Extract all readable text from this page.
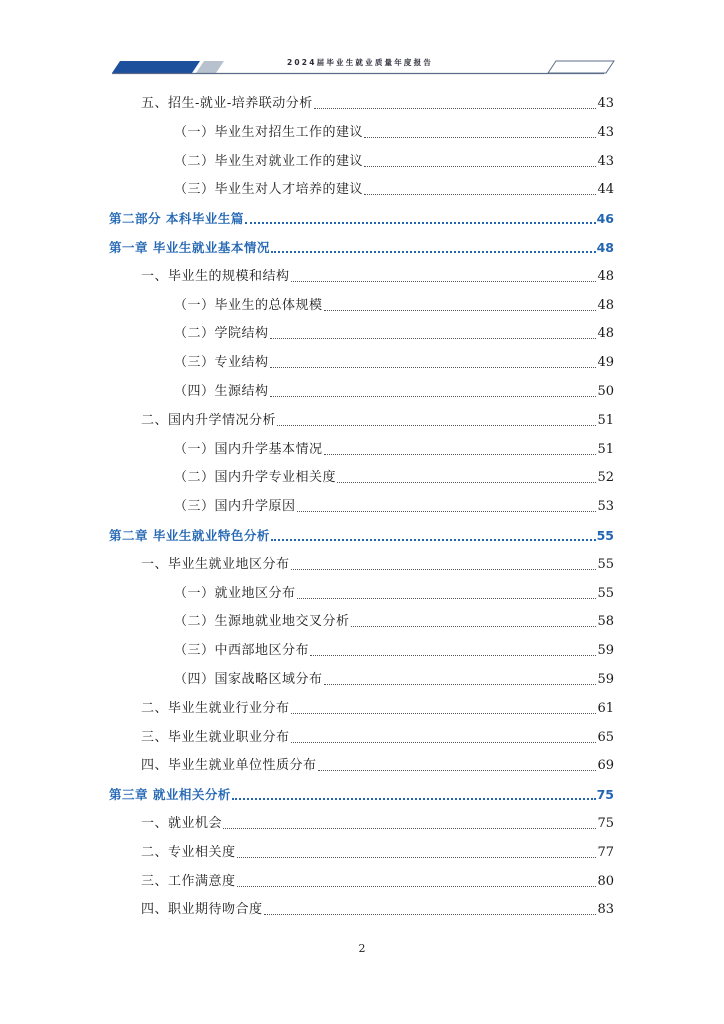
2024届毕业生就业质量年度报告
五、招生-就业-培养联动分析	43
（一）毕业生对招生工作的建议	43
（二）毕业生对就业工作的建议	43
（三）毕业生对人才培养的建议	44
第二部分 本科毕业生篇	46
第一章 毕业生就业基本情况	48
一、毕业生的规模和结构	48
（一）毕业生的总体规模	48
（二）学院结构	48
（三）专业结构	49
（四）生源结构	50
二、国内升学情况分析	51
（一）国内升学基本情况	51
（二）国内升学专业相关度	52
（三）国内升学原因	53
第二章 毕业生就业特色分析	55
一、毕业生就业地区分布	55
（一）就业地区分布	55
（二）生源地就业地交叉分析	58
（三）中西部地区分布	59
（四）国家战略区域分布	59
二、毕业生就业行业分布	61
三、毕业生就业职业分布	65
四、毕业生就业单位性质分布	69
第三章 就业相关分析	75
一、就业机会	75
二、专业相关度	77
三、工作满意度	80
四、职业期待吻合度	83
2
